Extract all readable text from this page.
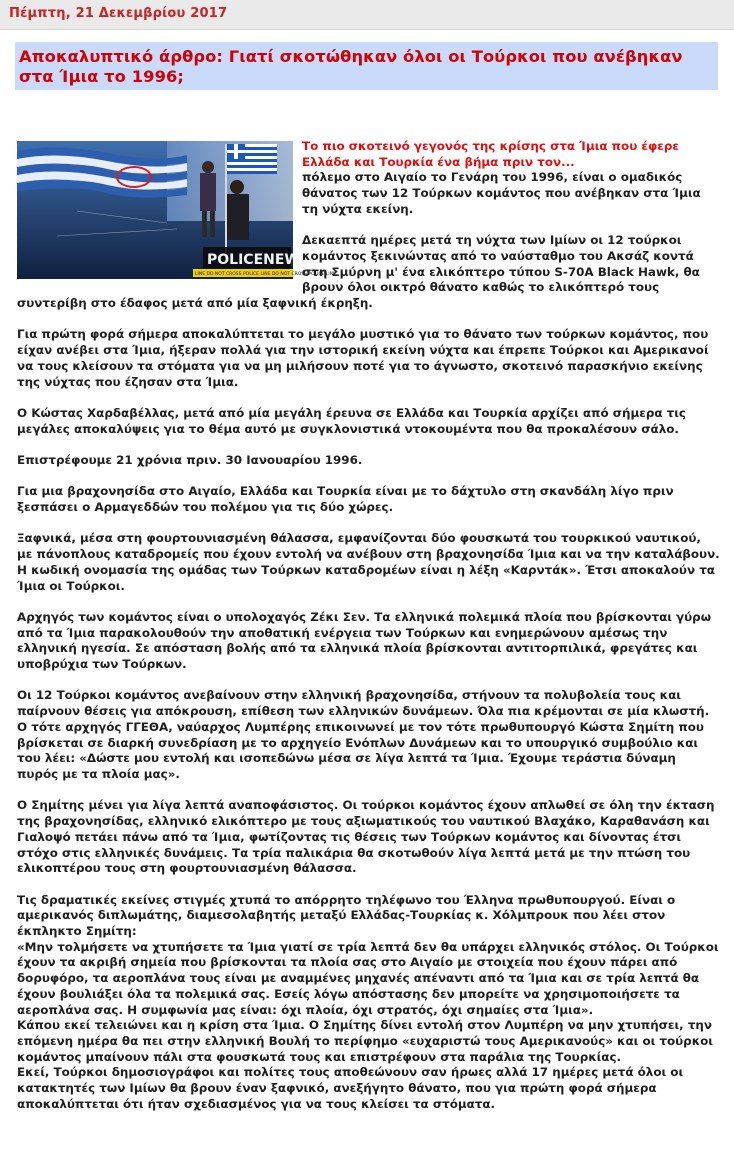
Πέμπτη, 21 Δεκεμβρίου 2017
Αποκαλυπτικό άρθρο: Γιατί σκοτώθηκαν όλοι οι Τούρκοι που ανέβηκαν στα Ίμια το 1996;
POLICENEWS
LINE DO NOT CROSS POLICE LINE DO NOT CROSS POLICE LINE

Το πιο σκοτεινό γεγονός της κρίσης στα Ίμια που έφερε Ελλάδα και Τουρκία ένα βήμα πριν τον...

πόλεμο στο Αιγαίο το Γενάρη του 1996, είναι ο ομαδικός θάνατος των 12 Τούρκων κομάντος που ανέβηκαν στα Ίμια τη νύχτα εκείνη.

Δεκαεπτά ημέρες μετά τη νύχτα των Ιμίων οι 12 τούρκοι κομάντος ξεκινώντας από το ναύσταθμο του Ακσάζ κοντά στη Σμύρνη μ' ένα ελικόπτερο τύπου S-70A Black Hawk, θα βρουν όλοι οικτρό θάνατο καθώς το ελικόπτερό τους συντερίβη στο έδαφος μετά από μία ξαφνική έκρηξη.

Για πρώτη φορά σήμερα αποκαλύπτεται το μεγάλο μυστικό για το θάνατο των τούρκων κομάντος, που είχαν ανέβει στα Ίμια, ήξεραν πολλά για την ιστορική εκείνη νύχτα και έπρεπε Τούρκοι και Αμερικανοί να τους κλείσουν τα στόματα για να μη μιλήσουν ποτέ για το άγνωστο, σκοτεινό παρασκήνιο εκείνης της νύχτας που έζησαν στα Ίμια.

Ο Κώστας Χαρδαβέλλας, μετά από μία μεγάλη έρευνα σε Ελλάδα και Τουρκία αρχίζει από σήμερα τις μεγάλες αποκαλύψεις για το θέμα αυτό με συγκλονιστικά ντοκουμέντα που θα προκαλέσουν σάλο.

Επιστρέφουμε 21 χρόνια πριν. 30 Ιανουαρίου 1996.

Για μια βραχονησίδα στο Αιγαίο, Ελλάδα και Τουρκία είναι με το δάχτυλο στη σκανδάλη λίγο πριν ξεσπάσει ο Αρμαγεδδών του πολέμου για τις δύο χώρες.

Ξαφνικά, μέσα στη φουρτουνιασμένη θάλασσα, εμφανίζονται δύο φουσκωτά του τουρκικού ναυτικού, με πάνοπλους καταδρομείς που έχουν εντολή να ανέβουν στη βραχονησίδα Ίμια και να την καταλάβουν.
Η κωδική ονομασία της ομάδας των Τούρκων καταδρομέων είναι η λέξη «Καρντάκ». Έτσι αποκαλούν τα Ίμια οι Τούρκοι.

Αρχηγός των κομάντος είναι ο υπολοχαγός Ζέκι Σεν. Τα ελληνικά πολεμικά πλοία που βρίσκονται γύρω από τα Ίμια παρακολουθούν την αποθατική ενέργεια των Τούρκων και ενημερώνουν αμέσως την ελληνική ηγεσία. Σε απόσταση βολής από τα ελληνικά πλοία βρίσκονται αντιτορπιλικά, φρεγάτες και υποβρύχια των Τούρκων.

Οι 12 Τούρκοι κομάντος ανεβαίνουν στην ελληνική βραχονησίδα, στήνουν τα πολυβολεία τους και παίρνουν θέσεις για απόκρουση, επίθεση των ελληνικών δυνάμεων. Όλα πια κρέμονται σε μία κλωστή.
Ο τότε αρχηγός ΓΓΕΘΑ, ναύαρχος Λυμπέρης επικοινωνεί με τον τότε πρωθυπουργό Κώστα Σημίτη που βρίσκεται σε διαρκή συνεδρίαση με το αρχηγείο Ενόπλων Δυνάμεων και το υπουργικό συμβούλιο και του λέει: «Δώστε μου εντολή και ισοπεδώνω μέσα σε λίγα λεπτά τα Ίμια. Έχουμε τεράστια δύναμη πυρός με τα πλοία μας».

Ο Σημίτης μένει για λίγα λεπτά αναποφάσιστος. Οι τούρκοι κομάντος έχουν απλωθεί σε όλη την έκταση της βραχονησίδας, ελληνικό ελικόπτερο με τους αξιωματικούς του ναυτικού Βλαχάκο, Καραθανάση και Γιαλοψό πετάει πάνω από τα Ίμια, φωτίζοντας τις θέσεις των Τούρκων κομάντος και δίνοντας έτσι στόχο στις ελληνικές δυνάμεις. Τα τρία παλικάρια θα σκοτωθούν λίγα λεπτά μετά με την πτώση του ελικοπτέρου τους στη φουρτουνιασμένη θάλασσα.

Τις δραματικές εκείνες στιγμές χτυπά το απόρρητο τηλέφωνο του Έλληνα πρωθυπουργού. Είναι ο αμερικανός διπλωμάτης, διαμεσολαβητής μεταξύ Ελλάδας-Τουρκίας κ. Χόλμπρουκ που λέει στον έκπληκτο Σημίτη:
«Μην τολμήσετε να χτυπήσετε τα Ίμια γιατί σε τρία λεπτά δεν θα υπάρχει ελληνικός στόλος. Οι Τούρκοι έχουν τα ακριβή σημεία που βρίσκονται τα πλοία σας στο Αιγαίο με στοιχεία που έχουν πάρει από δορυφόρο, τα αεροπλάνα τους είναι με αναμμένες μηχανές απέναντι από τα Ίμια και σε τρία λεπτά θα έχουν βουλιάξει όλα τα πολεμικά σας. Εσείς λόγω απόστασης δεν μπορείτε να χρησιμοποιήσετε τα αεροπλάνα σας. Η συμφωνία μας είναι: όχι πλοία, όχι στρατός, όχι σημαίες στα Ίμια».
Κάπου εκεί τελειώνει και η κρίση στα Ίμια. Ο Σημίτης δίνει εντολή στον Λυμπέρη να μην χτυπήσει, την επόμενη ημέρα θα πει στην ελληνική Βουλή το περίφημο «ευχαριστώ τους Αμερικανούς» και οι τούρκοι κομάντος μπαίνουν πάλι στα φουσκωτά τους και επιστρέφουν στα παράλια της Τουρκίας.
Εκεί, Τούρκοι δημοσιογράφοι και πολίτες τους αποθεώνουν σαν ήρωες αλλά 17 ημέρες μετά όλοι οι κατακτητές των Ιμίων θα βρουν έναν ξαφνικό, ανεξήγητο θάνατο, που για πρώτη φορά σήμερα αποκαλύπτεται ότι ήταν σχεδιασμένος για να τους κλείσει τα στόματα.
